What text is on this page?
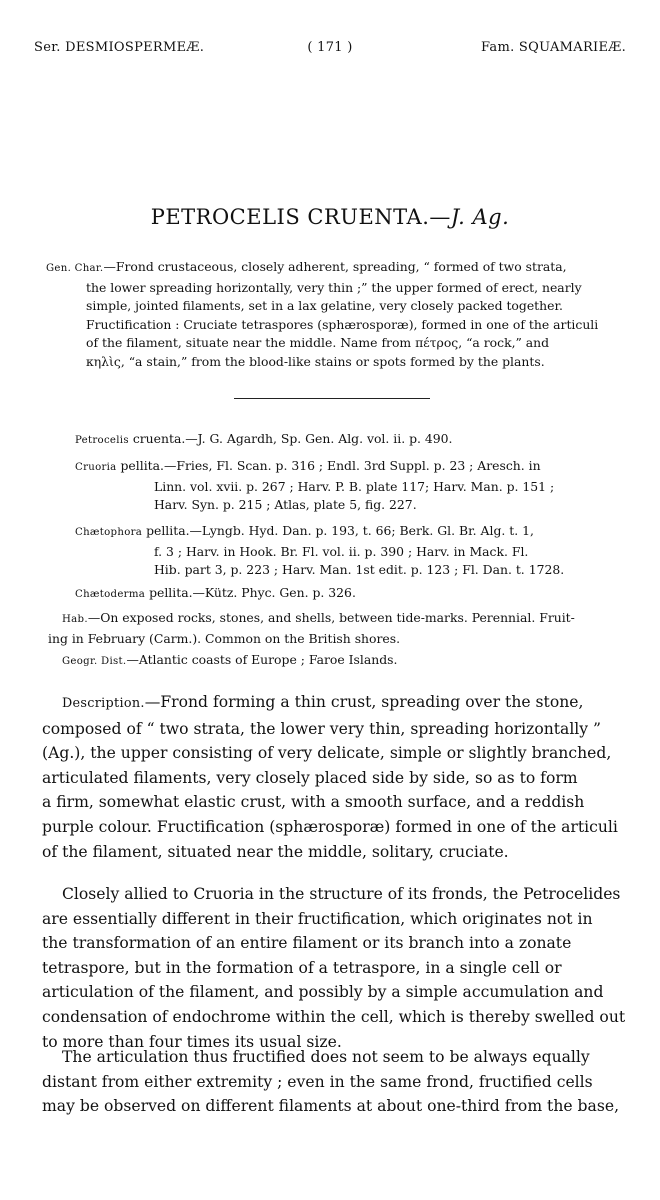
Ser. DESMIOSPERMEÆ.	( 171 )	Fam. SQUAMARIEÆ.
PETROCELIS CRUENTA.—J. Ag.
Gen. Char.—Frond crustaceous, closely adherent, spreading, “ formed of two strata,
the lower spreading horizontally, very thin ;” the upper formed of erect, nearly
simple, jointed filaments, set in a lax gelatine, very closely packed together.
Fructification : Cruciate tetraspores (sphærosporæ), formed in one of the articuli
of the filament, situate near the middle. Name from πέτρος, “a rock,” and
κηλὶς, “a stain,” from the blood-like stains or spots formed by the plants.
Petrocelis cruenta.—J. G. Agardh, Sp. Gen. Alg. vol. ii. p. 490.
Cruoria pellita.—Fries, Fl. Scan. p. 316 ; Endl. 3rd Suppl. p. 23 ; Aresch. in
Linn. vol. xvii. p. 267 ; Harv. P. B. plate 117; Harv. Man. p. 151 ;
Harv. Syn. p. 215 ; Atlas, plate 5, fig. 227.
Chætophora pellita.—Lyngb. Hyd. Dan. p. 193, t. 66; Berk. Gl. Br. Alg. t. 1,
f. 3 ; Harv. in Hook. Br. Fl. vol. ii. p. 390 ; Harv. in Mack. Fl.
Hib. part 3, p. 223 ; Harv. Man. 1st edit. p. 123 ; Fl. Dan. t. 1728.
Chætoderma pellita.—Kütz. Phyc. Gen. p. 326.
Hab.—On exposed rocks, stones, and shells, between tide-marks. Perennial. Fruit-
ing in February (Carm.). Common on the British shores.
Geogr. Dist.—Atlantic coasts of Europe ; Faroe Islands.
Description.—Frond forming a thin crust, spreading over the stone,
composed of “ two strata, the lower very thin, spreading horizontally ”
(Ag.), the upper consisting of very delicate, simple or slightly branched,
articulated filaments, very closely placed side by side, so as to form
a firm, somewhat elastic crust, with a smooth surface, and a reddish
purple colour. Fructification (sphærosporæ) formed in one of the articuli
of the filament, situated near the middle, solitary, cruciate.
Closely allied to Cruoria in the structure of its fronds, the Petrocelides
are essentially different in their fructification, which originates not in
the transformation of an entire filament or its branch into a zonate
tetraspore, but in the formation of a tetraspore, in a single cell or
articulation of the filament, and possibly by a simple accumulation and
condensation of endochrome within the cell, which is thereby swelled out
to more than four times its usual size.
The articulation thus fructified does not seem to be always equally
distant from either extremity ; even in the same frond, fructified cells
may be observed on different filaments at about one-third from the base,
